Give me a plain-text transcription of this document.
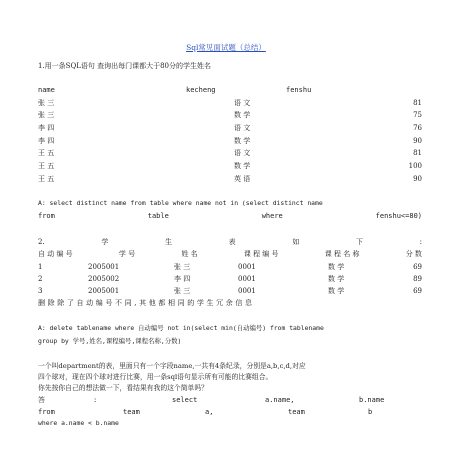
Sql常见面试题（总结）
1.用一条SQL语句 查询出每门课都大于80分的学生姓名
name	kecheng	fenshu
张 三	语 文	81
张 三	数 学	75
李 四	语 文	76
李 四	数 学	90
王 五	语 文	81
王 五	数 学	100
王 五	英 语	90
A: select distinct name from table where name not in (select distinct name
from	table	where	fenshu<=80)
2.	学	生	表	如	下	:
自 动 编 号	学 号	姓 名	课 程 编 号	课 程 名 称	分 数
1	2005001	张 三	0001	数 学	69
2	2005002	李 四	0001	数 学	89
3	2005001	张 三	0001	数 学	69
删 除 除 了 自 动 编 号 不 同 , 其 他 都 相 同 的 学 生 冗 余 信 息
A: delete tablename where 自动编号 not in(select min(自动编号) from tablename
group by 学号,姓名,课程编号,课程名称,分数)
一个叫department的表，里面只有一个字段name,一共有4条纪录，分别是a,b,c,d,对应
四个球对，现在四个球对进行比赛，用一条sql语句显示所有可能的比赛组合。
你先按你自己的想法做一下，看结果有我的这个简单吗？
答	:	select	a.name,	b.name
from	team	a,	team	b
where a.name < b.name
